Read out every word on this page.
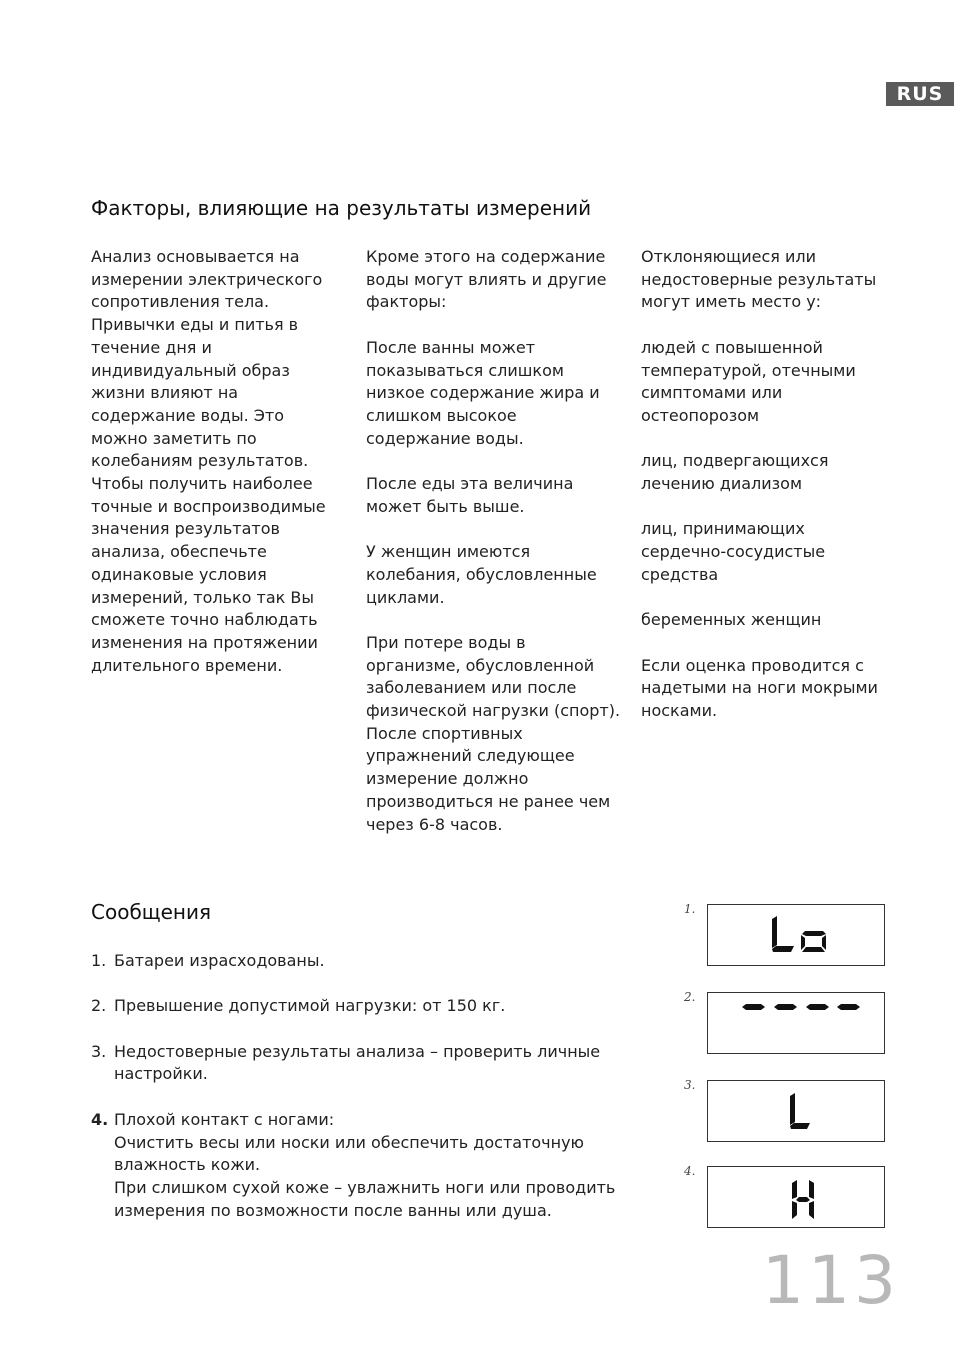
RUS
Факторы, влияющие на результаты измерений

Анализ основывается на измерении электрического сопротивления тела. Привычки еды и питья в течение дня и индивидуальный образ жизни влияют на содержание воды. Это можно заметить по колебаниям результатов. Чтобы получить наиболее точные и воспроизводимые значения результатов анализа, обеспечьте одинаковые условия измерений, только так Вы сможете точно наблюдать изменения на протяжении длительного времени.

Кроме этого на содержание воды могут влиять и другие факторы:

После ванны может показываться слишком низкое содержание жира и слишком высокое содержание воды.

После еды эта величина может быть выше.

У женщин имеются колебания, обусловленные циклами.

При потере воды в организме, обусловленной заболеванием или после физической нагрузки (спорт). После спортивных упражнений следующее измерение должно производиться не ранее чем через 6-8 часов.

Отклоняющиеся или недостоверные результаты могут иметь место у:

людей с повышенной температурой, отечными симптомами или остеопорозом

лиц, подвергающихся лечению диализом

лиц, принимающих сердечно-сосудистые средства

беременных женщин

Если оценка проводится с надетыми на ноги мокрыми носками.

Сообщения
1. Батареи израсходованы.
2. Превышение допустимой нагрузки: от 150 кг.
3. Недостоверные результаты анализа – проверить личные настройки.
4. Плохой контакт с ногами:
Очистить весы или носки или обеспечить достаточную влажность кожи.
При слишком сухой коже – увлажнить ноги или проводить измерения по возможности после ванны или душа.
1.
2.
3.
4.
113
